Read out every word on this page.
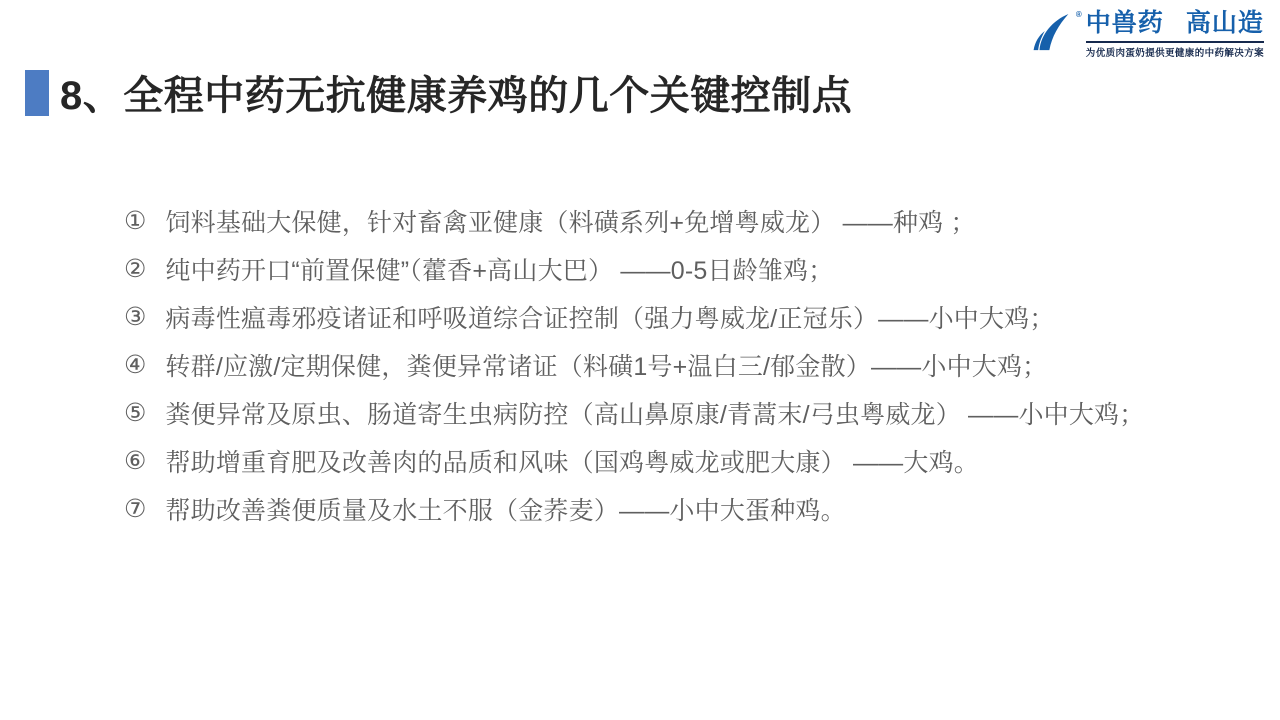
® 中兽药 高山造
为优质肉蛋奶提供更健康的中药解决方案
8、全程中药无抗健康养鸡的几个关键控制点
① 饲料基础大保健，针对畜禽亚健康（料磺系列+免增粤威龙） ——种鸡 ；
② 纯中药开口“前置保健”（藿香+高山大巴） ——0-5日龄雏鸡；
③ 病毒性瘟毒邪疫诸证和呼吸道综合证控制（强力粤威龙/正冠乐）——小中大鸡；
④ 转群/应激/定期保健，粪便异常诸证（料磺1号+温白三/郁金散）——小中大鸡；
⑤ 粪便异常及原虫、肠道寄生虫病防控（高山鼻原康/青蒿末/弓虫粤威龙） ——小中大鸡；
⑥ 帮助增重育肥及改善肉的品质和风味（国鸡粤威龙或肥大康） ——大鸡。
⑦ 帮助改善粪便质量及水土不服（金荞麦）——小中大蛋种鸡。
